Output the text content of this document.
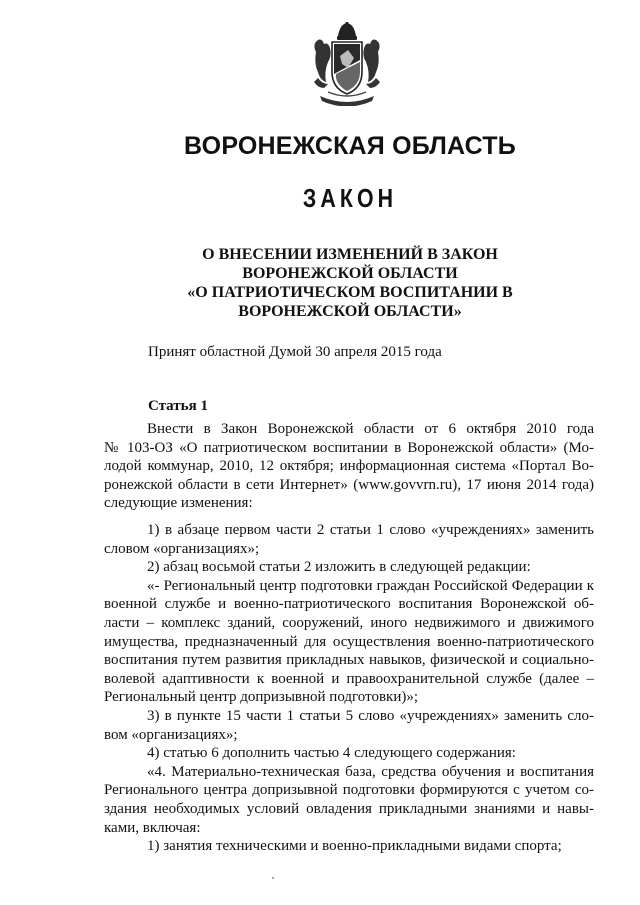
ВОРОНЕЖСКАЯ ОБЛАСТЬ
ЗАКОН
О ВНЕСЕНИИ ИЗМЕНЕНИЙ В ЗАКОН
ВОРОНЕЖСКОЙ ОБЛАСТИ
«О ПАТРИОТИЧЕСКОМ ВОСПИТАНИИ В
ВОРОНЕЖСКОЙ ОБЛАСТИ»
Принят областной Думой 30 апреля 2015 года
Статья 1
Внести в Закон Воронежской области от 6 октября 2010 года
№ 103-ОЗ «О патриотическом воспитании в Воронежской области» (Мо-
лодой коммунар, 2010, 12 октября; информационная система «Портал Во-
ронежской области в сети Интернет» (www.govvrn.ru), 17 июня 2014 года)
следующие изменения:
1) в абзаце первом части 2 статьи 1 слово «учреждениях» заменить
словом «организациях»;
2) абзац восьмой статьи 2 изложить в следующей редакции:
«- Региональный центр подготовки граждан Российской Федерации к
военной службе и военно-патриотического воспитания Воронежской об-
ласти – комплекс зданий, сооружений, иного недвижимого и движимого
имущества, предназначенный для осуществления военно-патриотического
воспитания путем развития прикладных навыков, физической и социально-
волевой адаптивности к военной и правоохранительной службе (далее –
Региональный центр допризывной подготовки)»;
3) в пункте 15 части 1 статьи 5 слово «учреждениях» заменить сло-
вом «организациях»;
4) статью 6 дополнить частью 4 следующего содержания:
«4. Материально-техническая база, средства обучения и воспитания
Регионального центра допризывной подготовки формируются с учетом со-
здания необходимых условий овладения прикладными знаниями и навы-
ками, включая:
1) занятия техническими и военно-прикладными видами спорта;
